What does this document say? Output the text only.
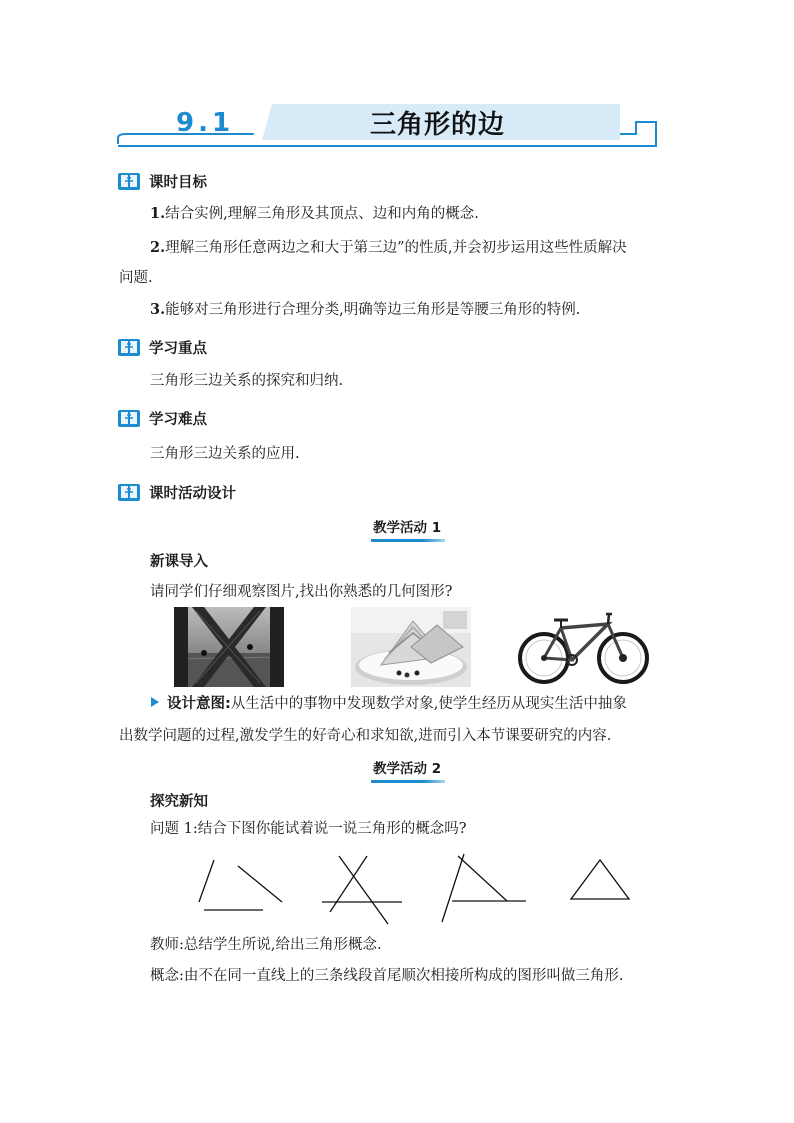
9.1	三角形的边
课时目标
1.结合实例,理解三角形及其顶点、边和内角的概念.
2.理解三角形任意两边之和大于第三边”的性质,并会初步运用这些性质解决
问题.
3.能够对三角形进行合理分类,明确等边三角形是等腰三角形的特例.
学习重点
三角形三边关系的探究和归纳.
学习难点
三角形三边关系的应用.
课时活动设计
教学活动 1
新课导入
请同学们仔细观察图片,找出你熟悉的几何图形?
设计意图:从生活中的事物中发现数学对象,使学生经历从现实生活中抽象
出数学问题的过程,激发学生的好奇心和求知欲,进而引入本节课要研究的内容.
教学活动 2
探究新知
问题 1:结合下图你能试着说一说三角形的概念吗?
教师:总结学生所说,给出三角形概念.
概念:由不在同一直线上的三条线段首尾顺次相接所构成的图形叫做三角形.
